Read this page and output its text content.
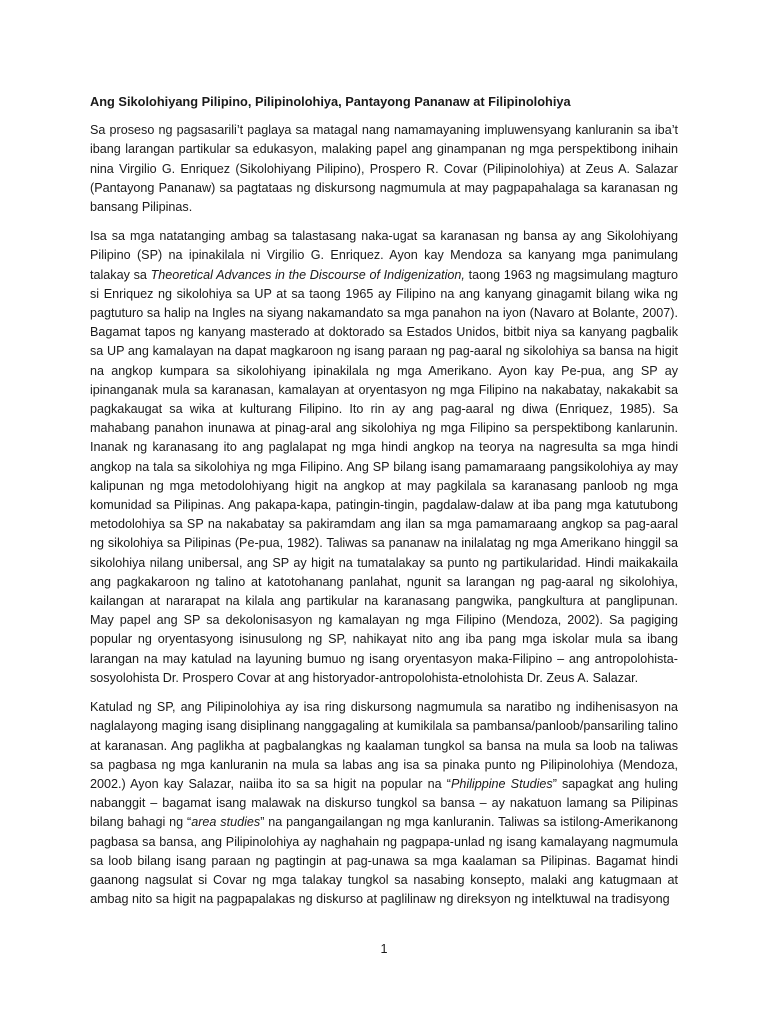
Ang Sikolohiyang Pilipino, Pilipinolohiya, Pantayong Pananaw at Filipinolohiya

Sa proseso ng pagsasarili’t paglaya sa matagal nang namamayaning impluwensyang kanluranin sa iba’t ibang larangan partikular sa edukasyon, malaking papel ang ginampanan ng mga perspektibong inihain nina Virgilio G. Enriquez (Sikolohiyang Pilipino), Prospero R. Covar (Pilipinolohiya) at Zeus A. Salazar (Pantayong Pananaw) sa pagtataas ng diskursong nagmumula at may pagpapahalaga sa karanasan ng bansang Pilipinas.

Isa sa mga natatanging ambag sa talastasang naka-ugat sa karanasan ng bansa ay ang Sikolohiyang Pilipino (SP) na ipinakilala ni Virgilio G. Enriquez. Ayon kay Mendoza sa kanyang mga panimulang talakay sa Theoretical Advances in the Discourse of Indigenization, taong 1963 ng magsimulang magturo si Enriquez ng sikolohiya sa UP at sa taong 1965 ay Filipino na ang kanyang ginagamit bilang wika ng pagtuturo sa halip na Ingles na siyang nakamandato sa mga panahon na iyon (Navaro at Bolante, 2007). Bagamat tapos ng kanyang masterado at doktorado sa Estados Unidos, bitbit niya sa kanyang pagbalik sa UP ang kamalayan na dapat magkaroon ng isang paraan ng pag-aaral ng sikolohiya sa bansa na higit na angkop kumpara sa sikolohiyang ipinakilala ng mga Amerikano. Ayon kay Pe-pua, ang SP ay ipinanganak mula sa karanasan, kamalayan at oryentasyon ng mga Filipino na nakabatay, nakakabit sa pagkakaugat sa wika at kulturang Filipino. Ito rin ay ang pag-aaral ng diwa (Enriquez, 1985). Sa mahabang panahon inunawa at pinag-aral ang sikolohiya ng mga Filipino sa perspektibong kanlarunin. Inanak ng karanasang ito ang paglalapat ng mga hindi angkop na teorya na nagresulta sa mga hindi angkop na tala sa sikolohiya ng mga Filipino. Ang SP bilang isang pamamaraang pangsikolohiya ay may kalipunan ng mga metodolohiyang higit na angkop at may pagkilala sa karanasang panloob ng mga komunidad sa Pilipinas. Ang pakapa-kapa, patingin-tingin, pagdalaw-dalaw at iba pang mga katutubong metodolohiya sa SP na nakabatay sa pakiramdam ang ilan sa mga pamamaraang angkop sa pag-aaral ng sikolohiya sa Pilipinas (Pe-pua, 1982). Taliwas sa pananaw na inilalatag ng mga Amerikano hinggil sa sikolohiya nilang unibersal, ang SP ay higit na tumatalakay sa punto ng partikularidad. Hindi maikakaila ang pagkakaroon ng talino at katotohanang panlahat, ngunit sa larangan ng pag-aaral ng sikolohiya, kailangan at nararapat na kilala ang partikular na karanasang pangwika, pangkultura at panglipunan. May papel ang SP sa dekolonisasyon ng kamalayan ng mga Filipino (Mendoza, 2002). Sa pagiging popular ng oryentasyong isinusulong ng SP, nahikayat nito ang iba pang mga iskolar mula sa ibang larangan na may katulad na layuning bumuo ng isang oryentasyon maka-Filipino – ang antropolohista-sosyolohista Dr. Prospero Covar at ang historyador-antropolohista-etnolohista Dr. Zeus A. Salazar.

Katulad ng SP, ang Pilipinolohiya ay isa ring diskursong nagmumula sa naratibo ng indihenisasyon na naglalayong maging isang disiplinang nanggagaling at kumikilala sa pambansa/panloob/pansariling talino at karanasan. Ang paglikha at pagbalangkas ng kaalaman tungkol sa bansa na mula sa loob na taliwas sa pagbasa ng mga kanluranin na mula sa labas ang isa sa pinaka punto ng Pilipinolohiya (Mendoza, 2002.) Ayon kay Salazar, naiiba ito sa sa higit na popular na “Philippine Studies” sapagkat ang huling nabanggit – bagamat isang malawak na diskurso tungkol sa bansa – ay nakatuon lamang sa Pilipinas bilang bahagi ng “area studies” na pangangailangan ng mga kanluranin. Taliwas sa istilong-Amerikanong pagbasa sa bansa, ang Pilipinolohiya ay naghahain ng pagpapa-unlad ng isang kamalayang nagmumula sa loob bilang isang paraan ng pagtingin at pag-unawa sa mga kaalaman sa Pilipinas. Bagamat hindi gaanong nagsulat si Covar ng mga talakay tungkol sa nasabing konsepto, malaki ang katugmaan at ambag nito sa higit na pagpapalakas ng diskurso at paglilinaw ng direksyon ng intelktuwal na tradisyong

1
